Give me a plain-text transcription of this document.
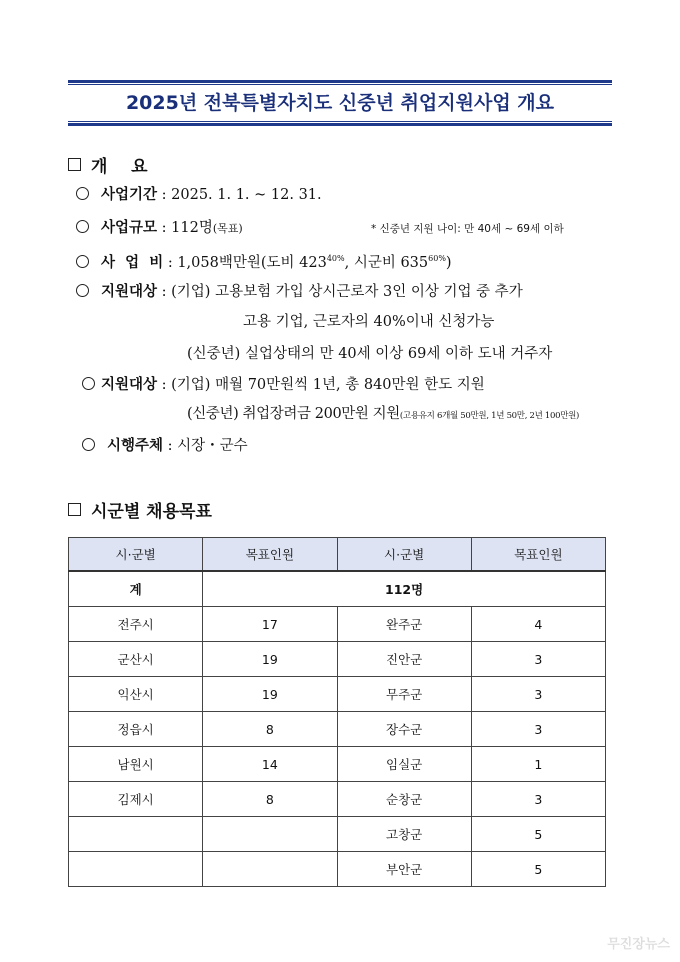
2025년 전북특별자치도 신중년 취업지원사업 개요
개    요
사업기간 : 2025. 1. 1. ~ 12. 31.
사업규모 : 112명(목표)	* 신중년 지원 나이: 만 40세 ~ 69세 이하
사  업  비 : 1,058백만원(도비 $423^{40\%}$, 시군비 $635^{60\%}$)
지원대상 : (기업) 고용보험 가입 상시근로자 3인 이상 기업 중 추가
고용 기업, 근로자의 40%이내 신청가능
(신중년) 실업상태의 만 40세 이상 69세 이하 도내 거주자
지원대상 : (기업) 매월 70만원씩 1년, 총 840만원 한도 지원
(신중년) 취업장려금 200만원 지원(고용유지 6개월 50만원, 1년 50만, 2년 100만원)
시행주체 : 시장・군수
시군별 채용목표
시·군별	목표인원	시·군별	목표인원
계	112명		
전주시	17	완주군	4
군산시	19	진안군	3
익산시	19	무주군	3
정읍시	8	장수군	3
남원시	14	임실군	1
김제시	8	순창군	3
		고창군	5
		부안군	5
무진장뉴스
